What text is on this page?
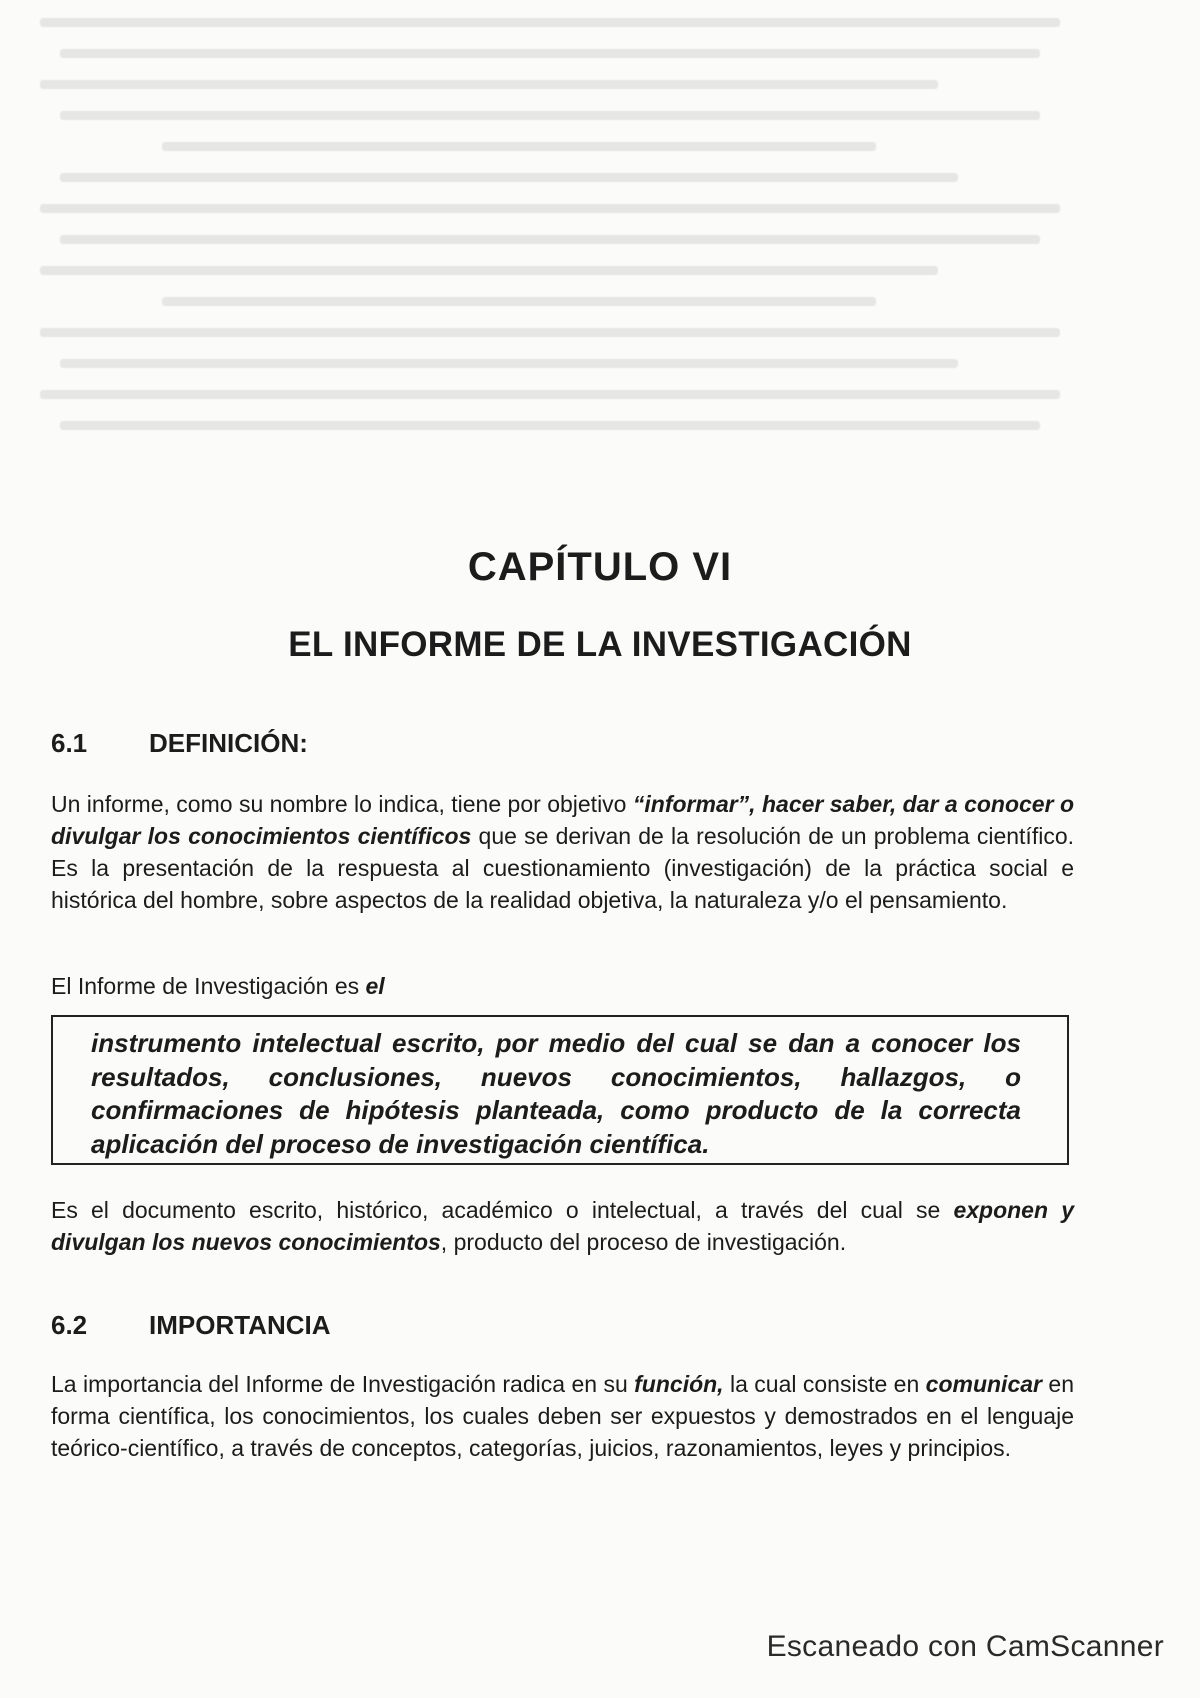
CAPÍTULO VI
EL INFORME DE LA INVESTIGACIÓN
6.1 DEFINICIÓN:
Un informe, como su nombre lo indica, tiene por objetivo “informar”, hacer saber, dar a conocer o divulgar los conocimientos científicos que se derivan de la resolución de un problema científico. Es la presentación de la respuesta al cuestionamiento (investigación) de la práctica social e histórica del hombre, sobre aspectos de la realidad objetiva, la naturaleza y/o el pensamiento.
El Informe de Investigación es el
instrumento intelectual escrito, por medio del cual se dan a conocer los resultados, conclusiones, nuevos conocimientos, hallazgos, o confirmaciones de hipótesis planteada, como producto de la correcta aplicación del proceso de investigación científica.
Es el documento escrito, histórico, académico o intelectual, a través del cual se exponen y divulgan los nuevos conocimientos, producto del proceso de investigación.
6.2 IMPORTANCIA
La importancia del Informe de Investigación radica en su función, la cual consiste en comunicar en forma científica, los conocimientos, los cuales deben ser expuestos y demostrados en el lenguaje teórico-científico, a través de conceptos, categorías, juicios, razonamientos, leyes y principios.
Escaneado con CamScanner
